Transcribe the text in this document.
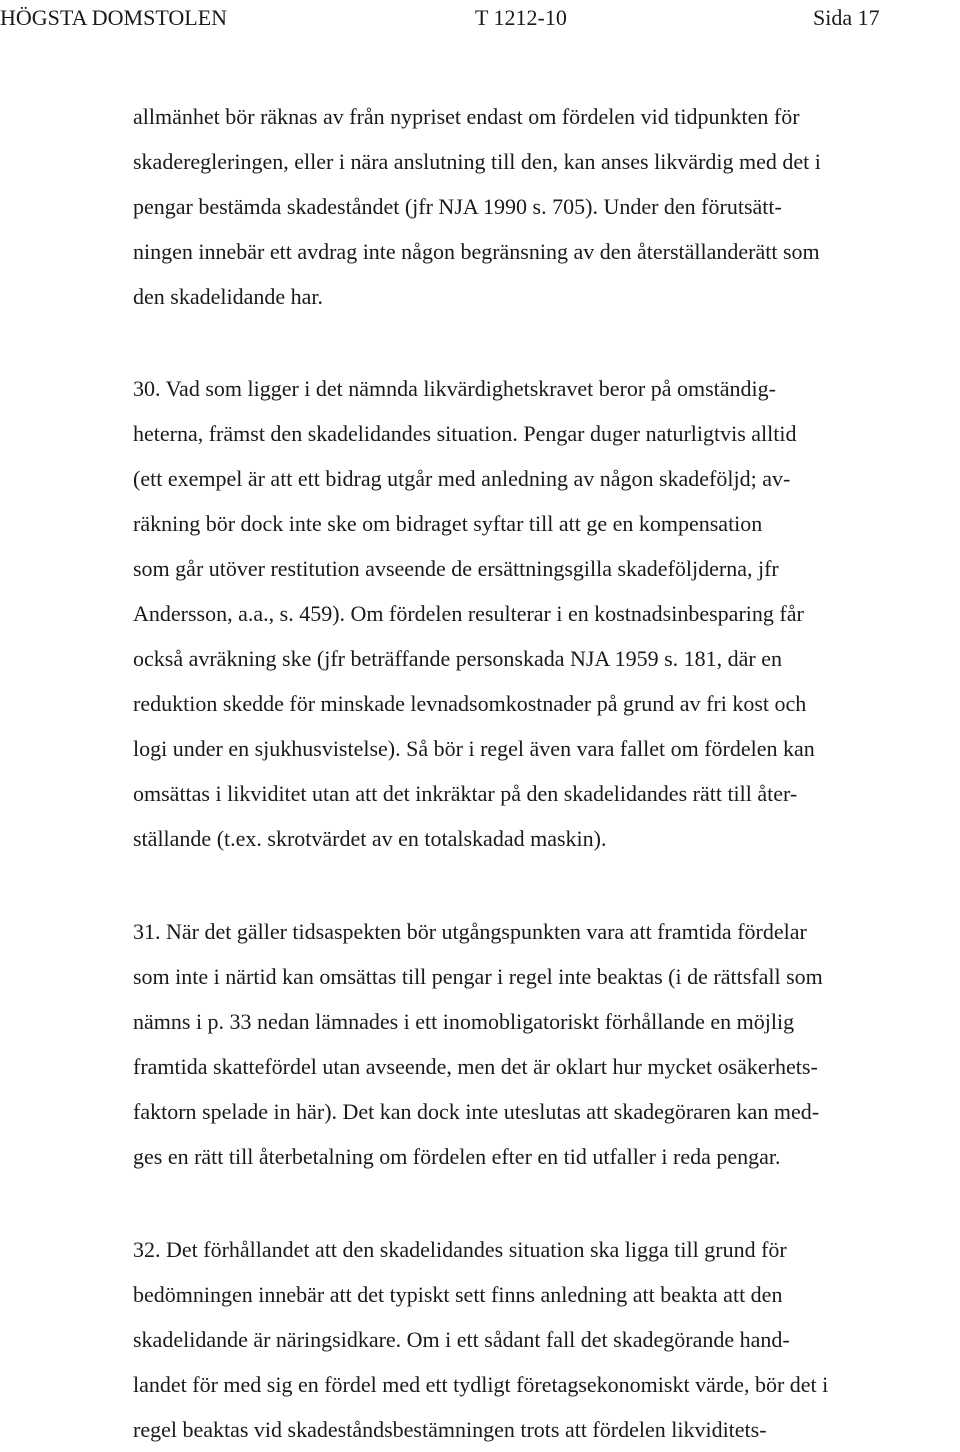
HÖGSTA DOMSTOLEN	T 1212-10	Sida 17
allmänhet bör räknas av från nypriset endast om fördelen vid tidpunkten för
skaderegleringen, eller i nära anslutning till den, kan anses likvärdig med det i
pengar bestämda skadeståndet (jfr NJA 1990 s. 705). Under den förutsätt-
ningen innebär ett avdrag inte någon begränsning av den återställanderätt som
den skadelidande har.
30. Vad som ligger i det nämnda likvärdighetskravet beror på omständig-
heterna, främst den skadelidandes situation. Pengar duger naturligtvis alltid
(ett exempel är att ett bidrag utgår med anledning av någon skadeföljd; av-
räkning bör dock inte ske om bidraget syftar till att ge en kompensation
som går utöver restitution avseende de ersättningsgilla skadeföljderna, jfr
Andersson, a.a., s. 459). Om fördelen resulterar i en kostnadsinbesparing får
också avräkning ske (jfr beträffande personskada NJA 1959 s. 181, där en
reduktion skedde för minskade levnadsomkostnader på grund av fri kost och
logi under en sjukhusvistelse). Så bör i regel även vara fallet om fördelen kan
omsättas i likviditet utan att det inkräktar på den skadelidandes rätt till åter-
ställande (t.ex. skrotvärdet av en totalskadad maskin).
31. När det gäller tidsaspekten bör utgångspunkten vara att framtida fördelar
som inte i närtid kan omsättas till pengar i regel inte beaktas (i de rättsfall som
nämns i p. 33 nedan lämnades i ett inomobligatoriskt förhållande en möjlig
framtida skattefördel utan avseende, men det är oklart hur mycket osäkerhets-
faktorn spelade in här). Det kan dock inte uteslutas att skadegöraren kan med-
ges en rätt till återbetalning om fördelen efter en tid utfaller i reda pengar.
32. Det förhållandet att den skadelidandes situation ska ligga till grund för
bedömningen innebär att det typiskt sett finns anledning att beakta att den
skadelidande är näringsidkare. Om i ett sådant fall det skadegörande hand-
landet för med sig en fördel med ett tydligt företagsekonomiskt värde, bör det i
regel beaktas vid skadeståndsbestämningen trots att fördelen likviditets-
